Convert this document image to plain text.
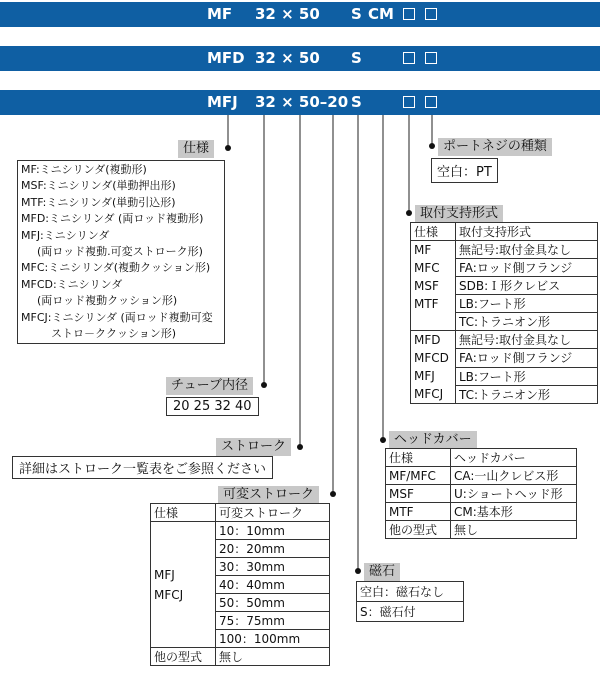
MF 32 × 50 S CM
MFD 32 × 50 S
MFJ 32 × 50–20 S
仕様
MF:ミニシリンダ(複動形)
MSF:ミニシリンダ(単動押出形)
MTF:ミニシリンダ(単動引込形)
MFD:ミニシリンダ (両ロッド複動形)
MFJ:ミニシリンダ
(両ロッド複動.可変ストローク形)
MFC:ミニシリンダ(複動クッション形)
MFCD:ミニシリンダ
(両ロッド複動クッション形)
MFCJ:ミニシリンダ (両ロッド複動可変
ストロ－ククッション形)
チューブ内径
20 25 32 40
ストローク
詳細はストローク一覧表をご参照ください
可変ストローク
仕様	可変ストローク

MFJ
MFCJ	10：10mm
	20：20mm
	30：30mm
	40：40mm
	50：50mm
	75：75mm
	100：100mm
他の型式	無し
磁石
空白：磁石なし
S：磁石付
ポートネジの種類
空白：PT
取付支持形式
仕様	取付支持形式

MF
MFC
MSF
MTF	無記号:取付金具なし
	FA:ロッド側フランジ
	SDB:Ｉ形クレビス
	LB:フート形
	TC:トラニオン形

MFD
MFCD
MFJ
MFCJ	無記号:取付金具なし
	FA:ロッド側フランジ
	LB:フート形
	TC:トラニオン形
ヘッドカバー
仕様	ヘッドカバー
MF/MFC	CA:一山クレビス形
MSF	U:ショートヘッド形
MTF	CM:基本形
他の型式	無し
